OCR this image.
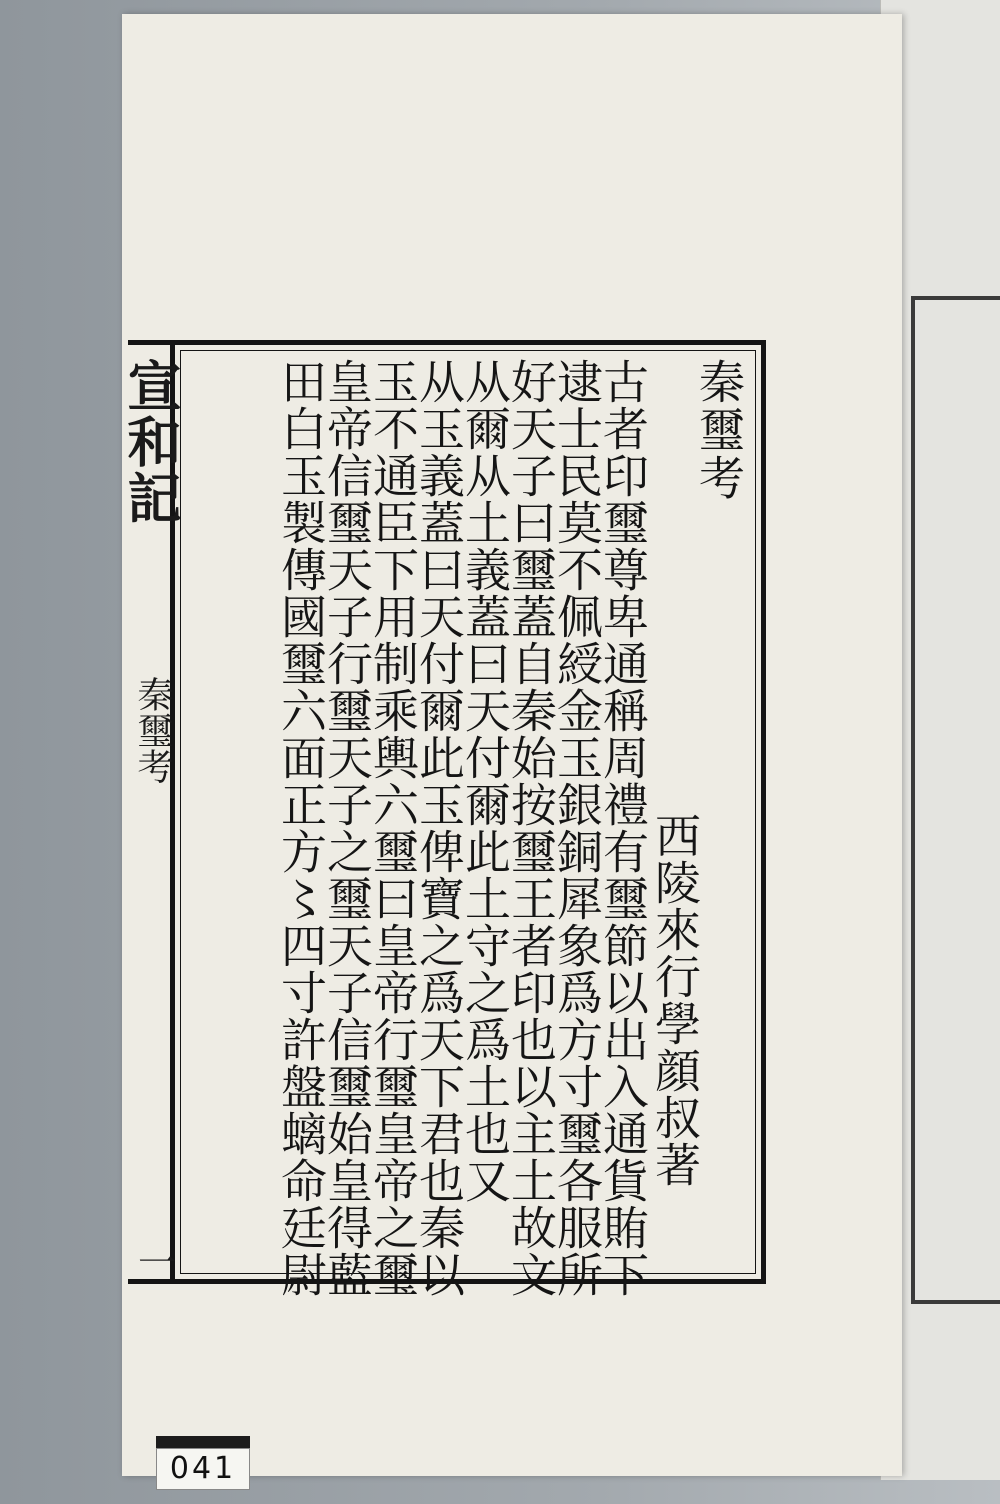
宣和記
秦璽考
一
秦璽考
西陵來行學顔叔著
古者印璽尊卑通稱周禮有璽節以出入通貨賄下
逮士民莫不佩綬金玉銀銅犀象爲方寸璽各服所
好天子曰璽蓋自秦始按璽王者印也以主土故文
从爾从土義蓋曰天付爾此土守之爲土也又
从玉義蓋曰天付爾此玉俾寶之爲天下君也秦以
玉不通臣下用制乘輿六璽曰皇帝行璽皇帝之璽
皇帝信璽天子行璽天子之璽天子信璽始皇得藍
田白玉製傳國璽六面正方〻四寸許盤螭命廷尉
041
